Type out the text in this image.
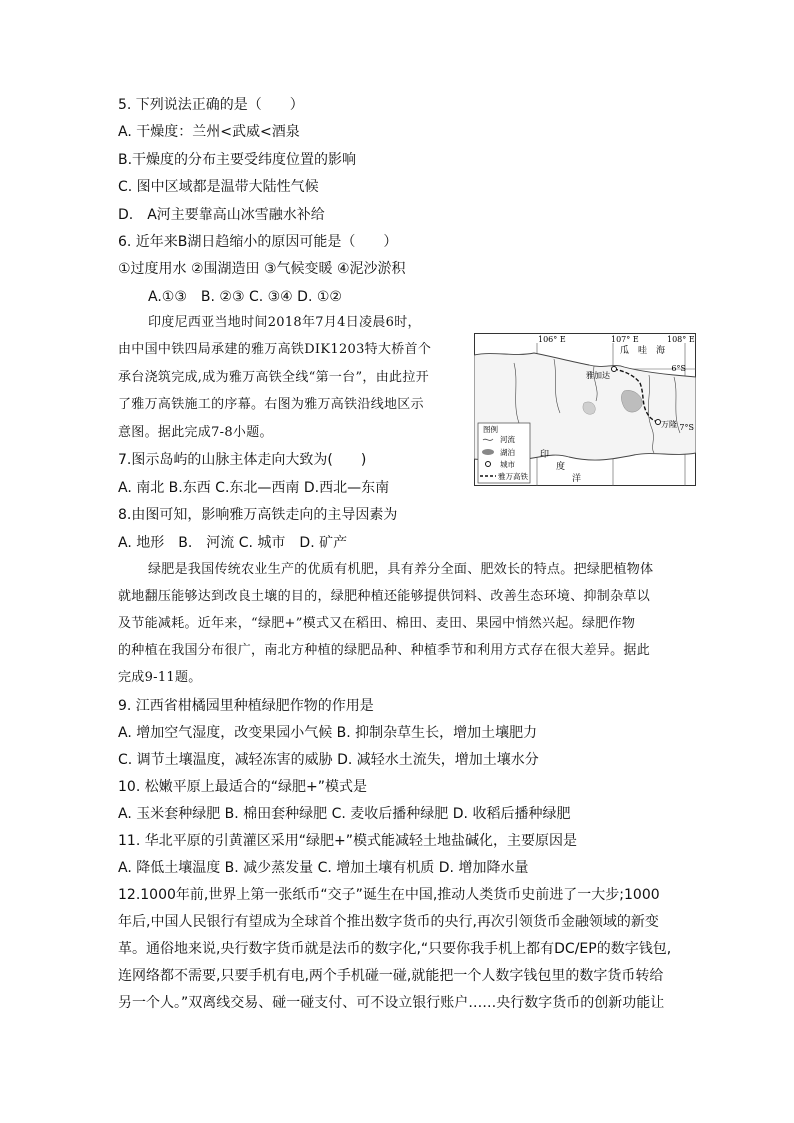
5. 下列说法正确的是（　　）
A. 干燥度：兰州<武威<酒泉
B.干燥度的分布主要受纬度位置的影响
C. 图中区域都是温带大陆性气候
D.　A河主要靠高山冰雪融水补给
6. 近年来B湖日趋缩小的原因可能是（　　）
①过度用水 ②围湖造田 ③气候变暖 ④泥沙淤积
A.①③　B. ②③ C. ③④ D. ①②
印度尼西亚当地时间2018年7月4日凌晨6时，
由中国中铁四局承建的雅万高铁DIK1203特大桥首个
承台浇筑完成,成为雅万高铁全线“第一台”，由此拉开
了雅万高铁施工的序幕。右图为雅万高铁沿线地区示
意图。据此完成7-8小题。
7.图示岛屿的山脉主体走向大致为(　　)
A. 南北 B.东西 C.东北—西南 D.西北—东南
8.由图可知，影响雅万高铁走向的主导因素为
A. 地形　B.　河流 C. 城市　D. 矿产
106° E	107° E	108° E
6°S
7°S
瓜　哇　海
雅加达
万隆
印
度
洋
图例
河流
湖泊
城市
雅万高铁
绿肥是我国传统农业生产的优质有机肥，具有养分全面、肥效长的特点。把绿肥植物体
就地翻压能够达到改良土壤的目的，绿肥种植还能够提供饲料、改善生态环境、抑制杂草以
及节能减耗。近年来，“绿肥+”模式又在稻田、棉田、麦田、果园中悄然兴起。绿肥作物
的种植在我国分布很广，南北方种植的绿肥品种、种植季节和利用方式存在很大差异。据此
完成9-11题。
9. 江西省柑橘园里种植绿肥作物的作用是
A. 增加空气湿度，改变果园小气候 B. 抑制杂草生长，增加土壤肥力
C. 调节土壤温度，减轻冻害的威胁 D. 减轻水土流失，增加土壤水分
10. 松嫩平原上最适合的“绿肥+”模式是
A. 玉米套种绿肥 B. 棉田套种绿肥 C. 麦收后播种绿肥 D. 收稻后播种绿肥
11. 华北平原的引黄灌区采用“绿肥+”模式能减轻土地盐碱化，主要原因是
A. 降低土壤温度 B. 减少蒸发量 C. 增加土壤有机质 D. 增加降水量
12.1000年前,世界上第一张纸币“交子”诞生在中国,推动人类货币史前进了一大步;1000
年后,中国人民银行有望成为全球首个推出数字货币的央行,再次引领货币金融领域的新变
革。通俗地来说,央行数字货币就是法币的数字化,“只要你我手机上都有DC/EP的数字钱包,
连网络都不需要,只要手机有电,两个手机碰一碰,就能把一个人数字钱包里的数字货币转给
另一个人。”双离线交易、碰一碰支付、可不设立银行账户……央行数字货币的创新功能让
